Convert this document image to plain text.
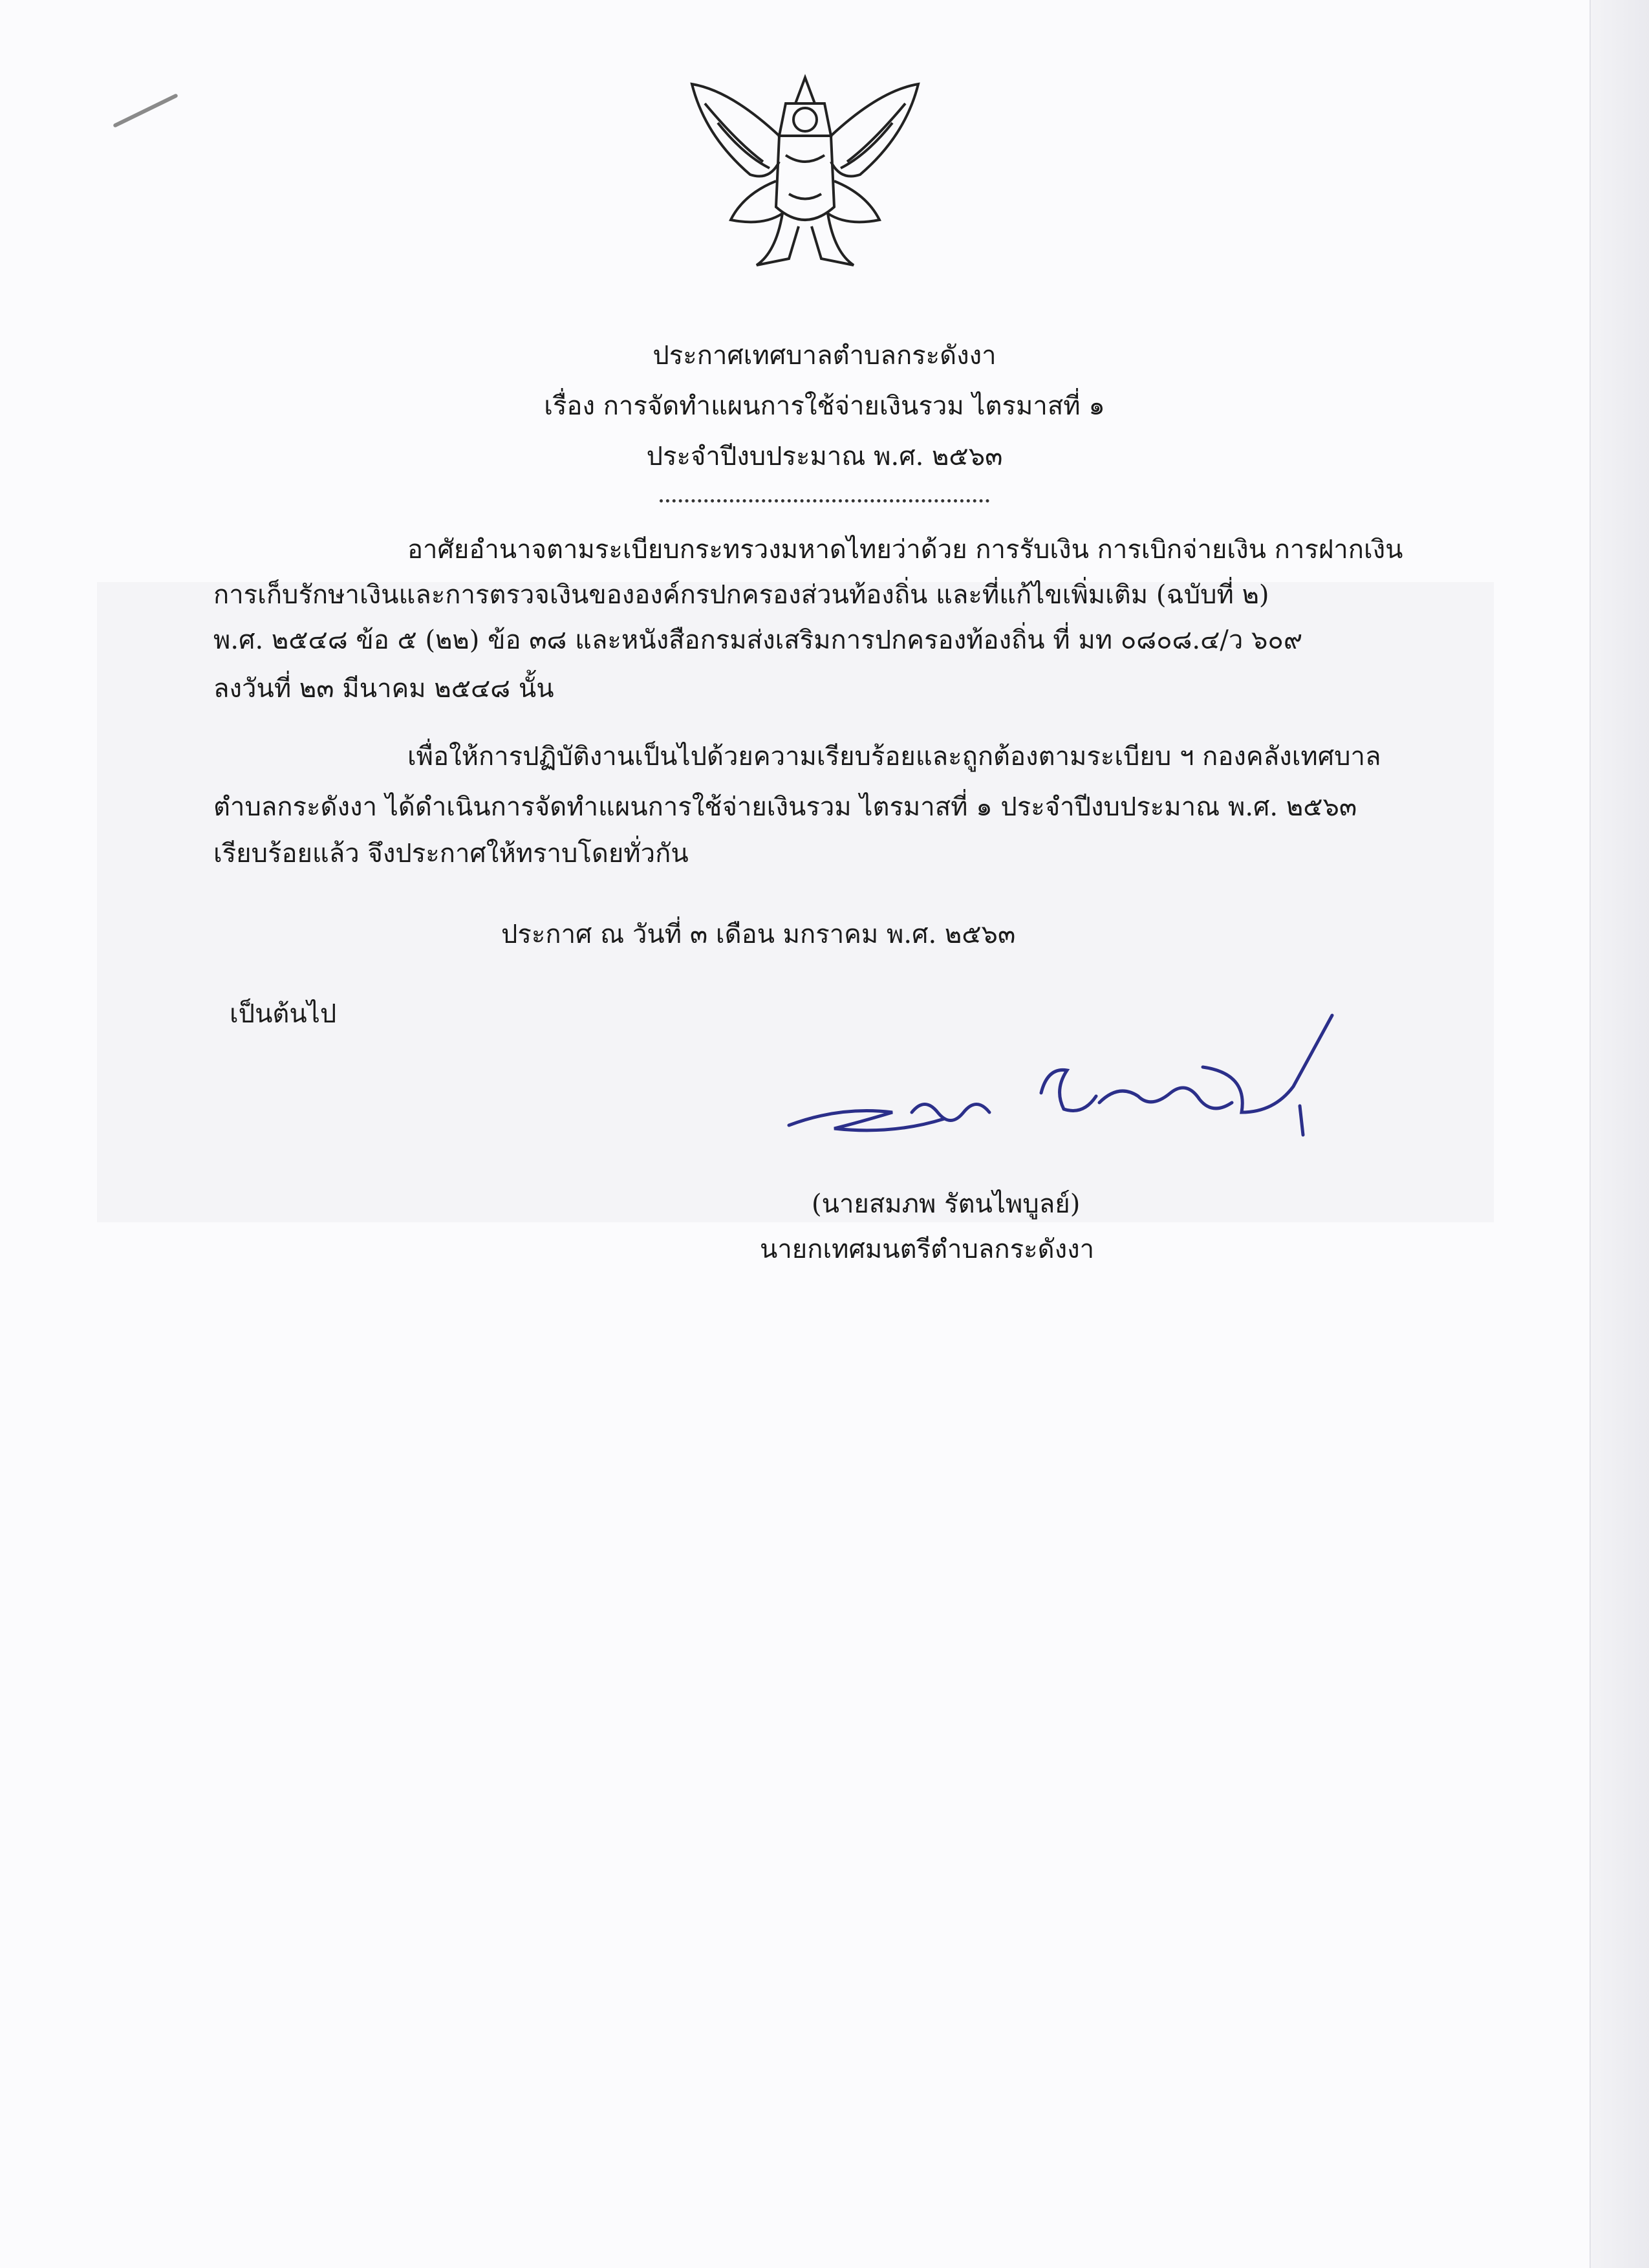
ประกาศเทศบาลตำบลกระดังงา
เรื่อง การจัดทำแผนการใช้จ่ายเงินรวม ไตรมาสที่ ๑
ประจำปีงบประมาณ พ.ศ. ๒๕๖๓
อาศัยอำนาจตามระเบียบกระทรวงมหาดไทยว่าด้วย การรับเงิน การเบิกจ่ายเงิน การฝากเงิน
การเก็บรักษาเงินและการตรวจเงินขององค์กรปกครองส่วนท้องถิ่น และที่แก้ไขเพิ่มเติม (ฉบับที่ ๒)
พ.ศ. ๒๕๔๘ ข้อ ๕ (๒๒) ข้อ ๓๘ และหนังสือกรมส่งเสริมการปกครองท้องถิ่น ที่ มท ๐๘๐๘.๔/ว ๖๐๙
ลงวันที่ ๒๓ มีนาคม ๒๕๔๘ นั้น
เพื่อให้การปฏิบัติงานเป็นไปด้วยความเรียบร้อยและถูกต้องตามระเบียบ ฯ กองคลังเทศบาล
ตำบลกระดังงา ได้ดำเนินการจัดทำแผนการใช้จ่ายเงินรวม ไตรมาสที่ ๑ ประจำปีงบประมาณ พ.ศ. ๒๕๖๓
เรียบร้อยแล้ว จึงประกาศให้ทราบโดยทั่วกัน
ประกาศ ณ วันที่ ๓ เดือน มกราคม พ.ศ. ๒๕๖๓
เป็นต้นไป
(นายสมภพ รัตนไพบูลย์)
นายกเทศมนตรีตำบลกระดังงา
